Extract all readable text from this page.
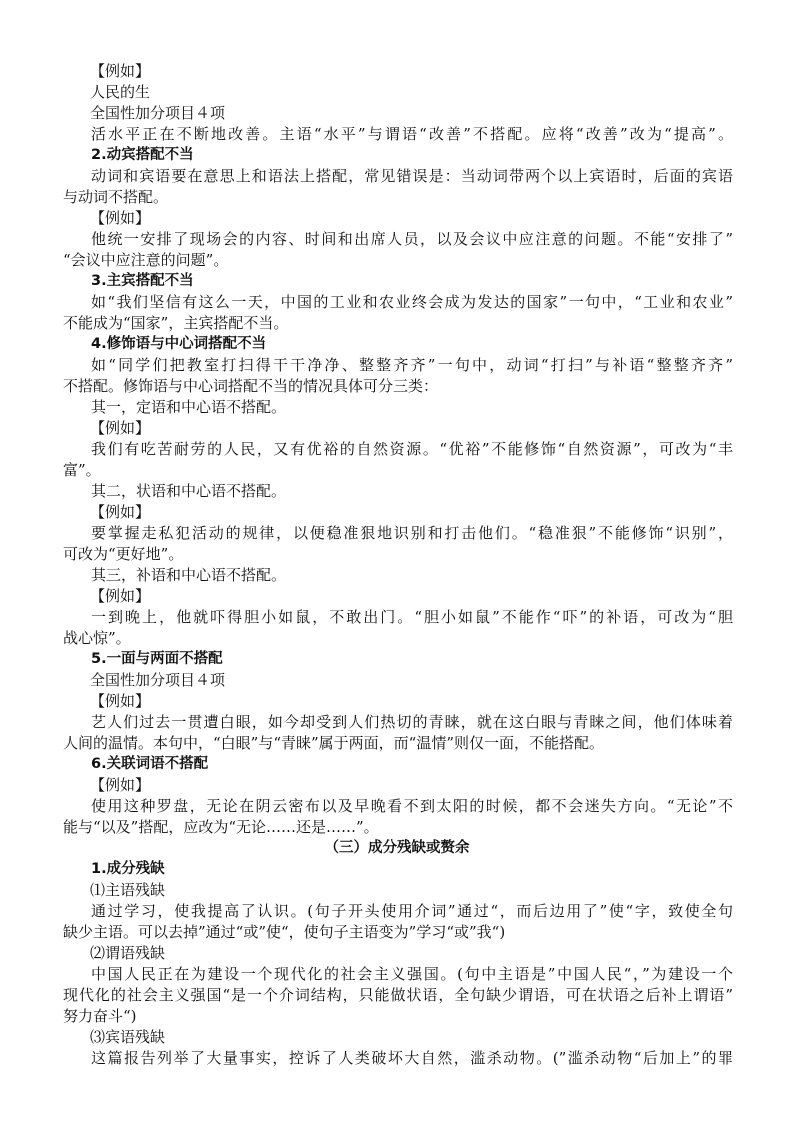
【例如】
人民的生
全国性加分项目４项
活水平正在不断地改善。主语“水平”与谓语“改善”不搭配。应将“改善”改为“提高”。
2.动宾搭配不当
动词和宾语要在意思上和语法上搭配，常见错误是：当动词带两个以上宾语时，后面的宾语
与动词不搭配。
【例如】
他统一安排了现场会的内容、时间和出席人员，以及会议中应注意的问题。不能“安排了”
“会议中应注意的问题”。
3.主宾搭配不当
如“我们坚信有这么一天，中国的工业和农业终会成为发达的国家”一句中，“工业和农业”
不能成为“国家”，主宾搭配不当。
4.修饰语与中心词搭配不当
如“同学们把教室打扫得干干净净、整整齐齐”一句中，动词“打扫”与补语“整整齐齐”
不搭配。修饰语与中心词搭配不当的情况具体可分三类：
其一，定语和中心语不搭配。
【例如】
我们有吃苦耐劳的人民，又有优裕的自然资源。“优裕”不能修饰“自然资源”，可改为“丰
富”。
其二，状语和中心语不搭配。
【例如】
要掌握走私犯活动的规律，以便稳准狠地识别和打击他们。“稳准狠”不能修饰“识别”，
可改为“更好地”。
其三，补语和中心语不搭配。
【例如】
一到晚上，他就吓得胆小如鼠，不敢出门。“胆小如鼠”不能作“吓”的补语，可改为“胆
战心惊”。
5.一面与两面不搭配
全国性加分项目４项
【例如】
艺人们过去一贯遭白眼，如今却受到人们热切的青睐，就在这白眼与青睐之间，他们体味着
人间的温情。本句中，“白眼”与“青睐”属于两面，而“温情”则仅一面，不能搭配。
6.关联词语不搭配
【例如】
使用这种罗盘，无论在阴云密布以及早晚看不到太阳的时候，都不会迷失方向。“无论”不
能与“以及”搭配，应改为“无论……还是……”。
（三）成分残缺或赘余
1.成分残缺
⑴主语残缺
通过学习，使我提高了认识。(句子开头使用介词”通过“，而后边用了”使“字，致使全句
缺少主语。可以去掉”通过“或”使“，使句子主语变为”学习“或”我“)
⑵谓语残缺
中国人民正在为建设一个现代化的社会主义强国。(句中主语是”中国人民“，”为建设一个
现代化的社会主义强国“是一个介词结构，只能做状语，全句缺少谓语，可在状语之后补上谓语”
努力奋斗“)
⑶宾语残缺
这篇报告列举了大量事实，控诉了人类破坏大自然，滥杀动物。(”滥杀动物“后加上”的罪
